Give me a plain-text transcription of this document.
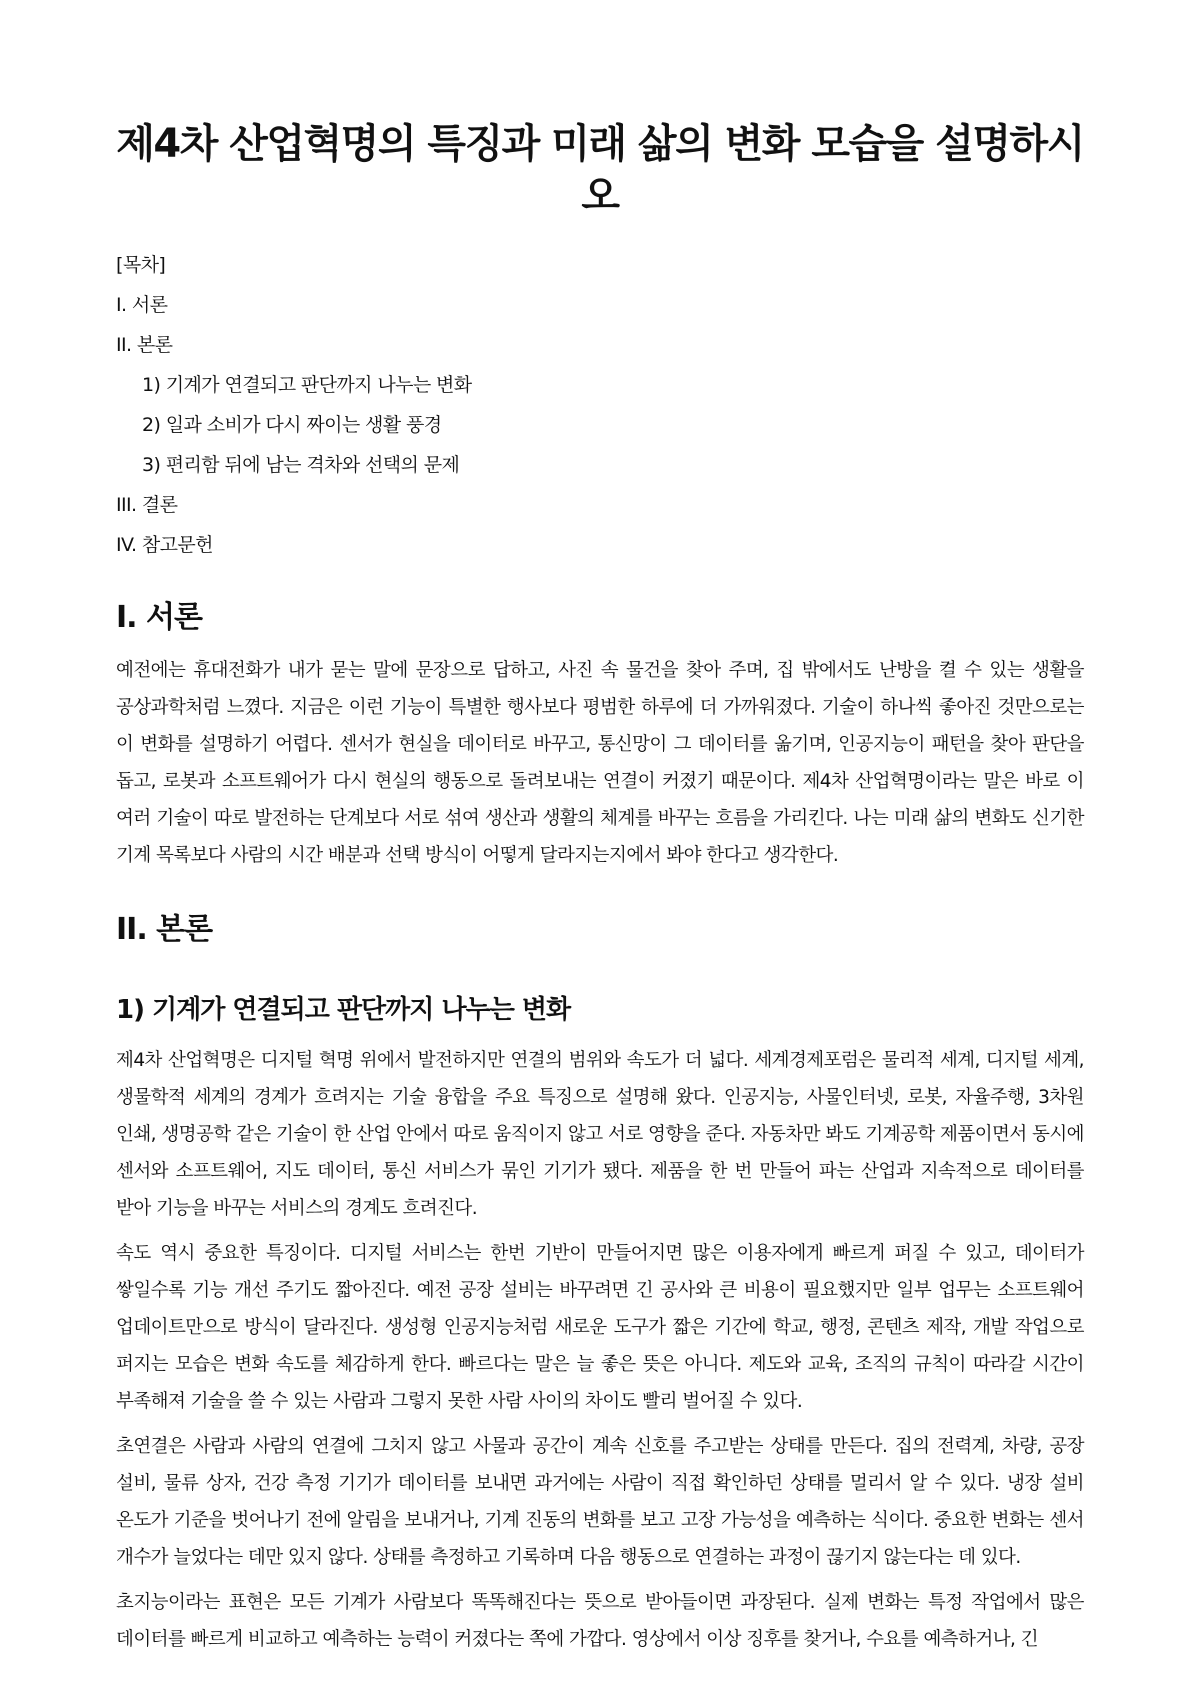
제4차 산업혁명의 특징과 미래 삶의 변화 모습을 설명하시오
[목차]
I. 서론
II. 본론
1) 기계가 연결되고 판단까지 나누는 변화
2) 일과 소비가 다시 짜이는 생활 풍경
3) 편리함 뒤에 남는 격차와 선택의 문제
III. 결론
IV. 참고문헌
I. 서론

예전에는 휴대전화가 내가 묻는 말에 문장으로 답하고, 사진 속 물건을 찾아 주며, 집 밖에서도 난방을 켤 수 있는 생활을 공상과학처럼 느꼈다. 지금은 이런 기능이 특별한 행사보다 평범한 하루에 더 가까워졌다. 기술이 하나씩 좋아진 것만으로는 이 변화를 설명하기 어렵다. 센서가 현실을 데이터로 바꾸고, 통신망이 그 데이터를 옮기며, 인공지능이 패턴을 찾아 판단을 돕고, 로봇과 소프트웨어가 다시 현실의 행동으로 돌려보내는 연결이 커졌기 때문이다. 제4차 산업혁명이라는 말은 바로 이 여러 기술이 따로 발전하는 단계보다 서로 섞여 생산과 생활의 체계를 바꾸는 흐름을 가리킨다. 나는 미래 삶의 변화도 신기한 기계 목록보다 사람의 시간 배분과 선택 방식이 어떻게 달라지는지에서 봐야 한다고 생각한다.

II. 본론
1) 기계가 연결되고 판단까지 나누는 변화

제4차 산업혁명은 디지털 혁명 위에서 발전하지만 연결의 범위와 속도가 더 넓다. 세계경제포럼은 물리적 세계, 디지털 세계, 생물학적 세계의 경계가 흐려지는 기술 융합을 주요 특징으로 설명해 왔다. 인공지능, 사물인터넷, 로봇, 자율주행, 3차원 인쇄, 생명공학 같은 기술이 한 산업 안에서 따로 움직이지 않고 서로 영향을 준다. 자동차만 봐도 기계공학 제품이면서 동시에 센서와 소프트웨어, 지도 데이터, 통신 서비스가 묶인 기기가 됐다. 제품을 한 번 만들어 파는 산업과 지속적으로 데이터를 받아 기능을 바꾸는 서비스의 경계도 흐려진다.

속도 역시 중요한 특징이다. 디지털 서비스는 한번 기반이 만들어지면 많은 이용자에게 빠르게 퍼질 수 있고, 데이터가 쌓일수록 기능 개선 주기도 짧아진다. 예전 공장 설비는 바꾸려면 긴 공사와 큰 비용이 필요했지만 일부 업무는 소프트웨어 업데이트만으로 방식이 달라진다. 생성형 인공지능처럼 새로운 도구가 짧은 기간에 학교, 행정, 콘텐츠 제작, 개발 작업으로 퍼지는 모습은 변화 속도를 체감하게 한다. 빠르다는 말은 늘 좋은 뜻은 아니다. 제도와 교육, 조직의 규칙이 따라갈 시간이 부족해져 기술을 쓸 수 있는 사람과 그렇지 못한 사람 사이의 차이도 빨리 벌어질 수 있다.

초연결은 사람과 사람의 연결에 그치지 않고 사물과 공간이 계속 신호를 주고받는 상태를 만든다. 집의 전력계, 차량, 공장 설비, 물류 상자, 건강 측정 기기가 데이터를 보내면 과거에는 사람이 직접 확인하던 상태를 멀리서 알 수 있다. 냉장 설비 온도가 기준을 벗어나기 전에 알림을 보내거나, 기계 진동의 변화를 보고 고장 가능성을 예측하는 식이다. 중요한 변화는 센서 개수가 늘었다는 데만 있지 않다. 상태를 측정하고 기록하며 다음 행동으로 연결하는 과정이 끊기지 않는다는 데 있다.

초지능이라는 표현은 모든 기계가 사람보다 똑똑해진다는 뜻으로 받아들이면 과장된다. 실제 변화는 특정 작업에서 많은 데이터를 빠르게 비교하고 예측하는 능력이 커졌다는 쪽에 가깝다. 영상에서 이상 징후를 찾거나, 수요를 예측하거나, 긴
